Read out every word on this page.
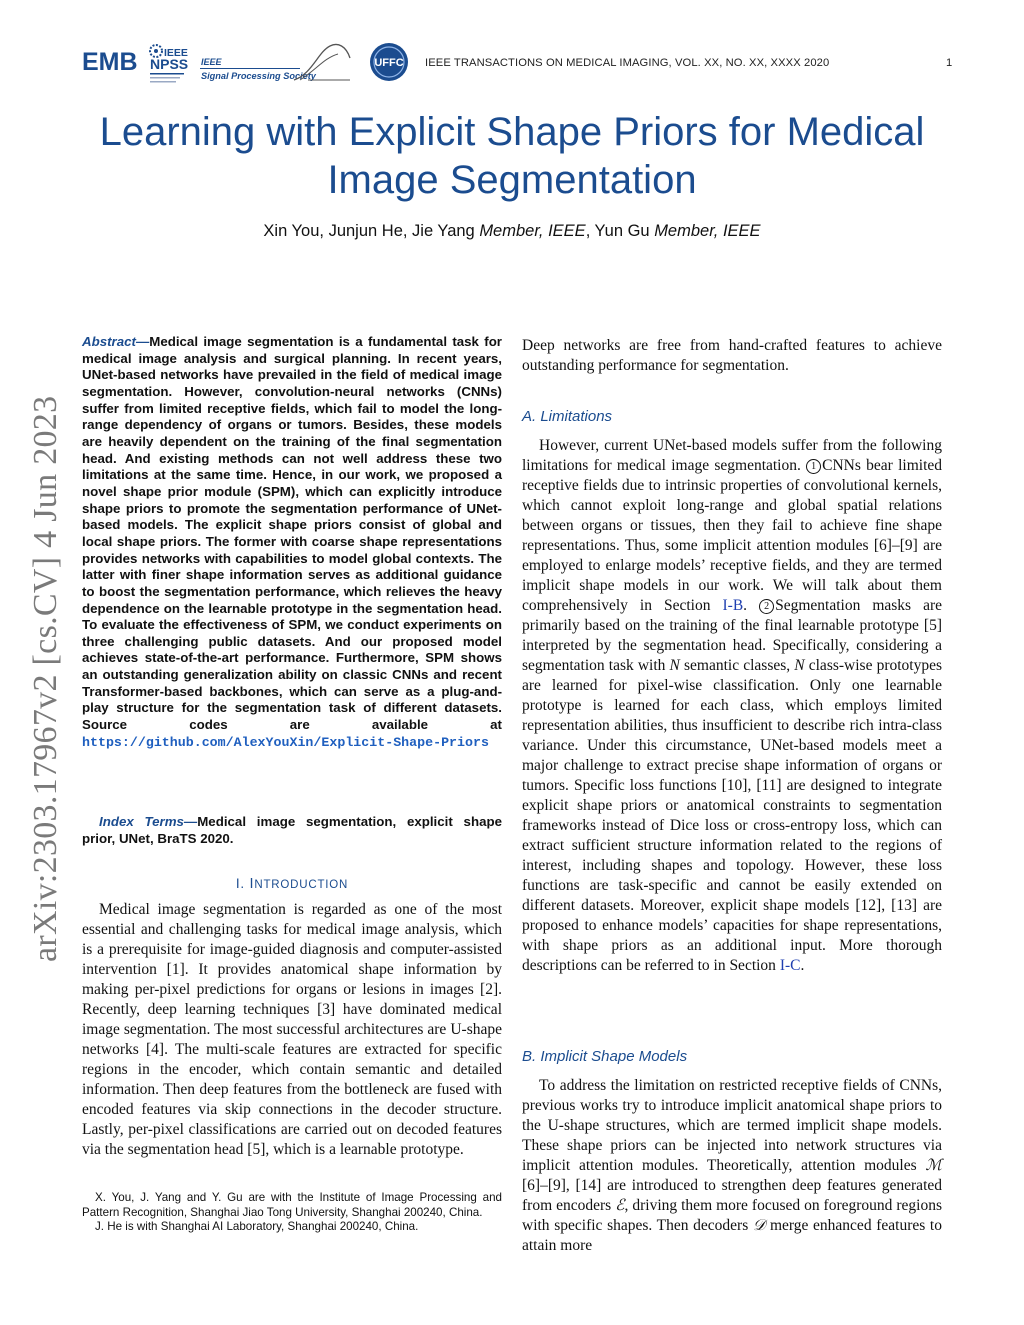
EMB	IEEE
NPSS IEEE
Signal Processing Society
UFFC IEEE TRANSACTIONS ON MEDICAL IMAGING, VOL. XX, NO. XX, XXXX 2020	1
Learning with Explicit Shape Priors for Medical Image Segmentation
Xin You, Junjun He, Jie Yang Member, IEEE, Yun Gu Member, IEEE
arXiv:2303.17967v2 [cs.CV] 4 Jun 2023
Abstract—Medical image segmentation is a fundamental task for medical image analysis and surgical planning. In recent years, UNet-based networks have prevailed in the field of medical image segmentation. However, convolution-neural networks (CNNs) suffer from limited receptive fields, which fail to model the long-range dependency of organs or tumors. Besides, these models are heavily dependent on the training of the final segmentation head. And existing methods can not well address these two limitations at the same time. Hence, in our work, we proposed a novel shape prior module (SPM), which can explicitly introduce shape priors to promote the segmentation performance of UNet-based models. The explicit shape priors consist of global and local shape priors. The former with coarse shape representations provides networks with capabilities to model global contexts. The latter with finer shape information serves as additional guidance to boost the segmentation performance, which relieves the heavy dependence on the learnable prototype in the segmentation head. To evaluate the effectiveness of SPM, we conduct experiments on three challenging public datasets. And our proposed model achieves state-of-the-art performance. Furthermore, SPM shows an outstanding generalization ability on classic CNNs and recent Transformer-based backbones, which can serve as a plug-and-play structure for the segmentation task of different datasets. Source codes are available at https://github.com/AlexYouXin/Explicit-Shape-Priors
Index Terms—Medical image segmentation, explicit shape prior, UNet, BraTS 2020.
I. INTRODUCTION

Medical image segmentation is regarded as one of the most essential and challenging tasks for medical image analysis, which is a prerequisite for image-guided diagnosis and computer-assisted intervention [1]. It provides anatomical shape information by making per-pixel predictions for organs or lesions in images [2]. Recently, deep learning techniques [3] have dominated medical image segmentation. The most successful architectures are U-shape networks [4]. The multi-scale features are extracted for specific regions in the encoder, which contain semantic and detailed information. Then deep features from the bottleneck are fused with encoded features via skip connections in the decoder structure. Lastly, per-pixel classifications are carried out on decoded features via the segmentation head [5], which is a learnable prototype.

X. You, J. Yang and Y. Gu are with the Institute of Image Processing and Pattern Recognition, Shanghai Jiao Tong University, Shanghai 200240, China.

J. He is with Shanghai AI Laboratory, Shanghai 200240, China.

Deep networks are free from hand-crafted features to achieve outstanding performance for segmentation.

A. Limitations

However, current UNet-based models suffer from the following limitations for medical image segmentation. 1 CNNs bear limited receptive fields due to intrinsic properties of convolutional kernels, which cannot exploit long-range and global spatial relations between organs or tissues, then they fail to achieve fine shape representations. Thus, some implicit attention modules [6]–[9] are employed to enlarge models’ receptive fields, and they are termed implicit shape models in our work. We will talk about them comprehensively in Section I-B. 2 Segmentation masks are primarily based on the training of the final learnable prototype [5] interpreted by the segmentation head. Specifically, considering a segmentation task with N semantic classes, N class-wise prototypes are learned for pixel-wise classification. Only one learnable prototype is learned for each class, which employs limited representation abilities, thus insufficient to describe rich intra-class variance. Under this circumstance, UNet-based models meet a major challenge to extract precise shape information of organs or tumors. Specific loss functions [10], [11] are designed to integrate explicit shape priors or anatomical constraints to segmentation frameworks instead of Dice loss or cross-entropy loss, which can extract sufficient structure information related to the regions of interest, including shapes and topology. However, these loss functions are task-specific and cannot be easily extended on different datasets. Moreover, explicit shape models [12], [13] are proposed to enhance models’ capacities for shape representations, with shape priors as an additional input. More thorough descriptions can be referred to in Section I-C.

B. Implicit Shape Models

To address the limitation on restricted receptive fields of CNNs, previous works try to introduce implicit anatomical shape priors to the U-shape structures, which are termed implicit shape models. These shape priors can be injected into network structures via implicit attention modules. Theoretically, attention modules ℳ [6]–[9], [14] are introduced to strengthen deep features generated from encoders ℰ, driving them more focused on foreground regions with specific shapes. Then decoders 𝒟 merge enhanced features to attain more
